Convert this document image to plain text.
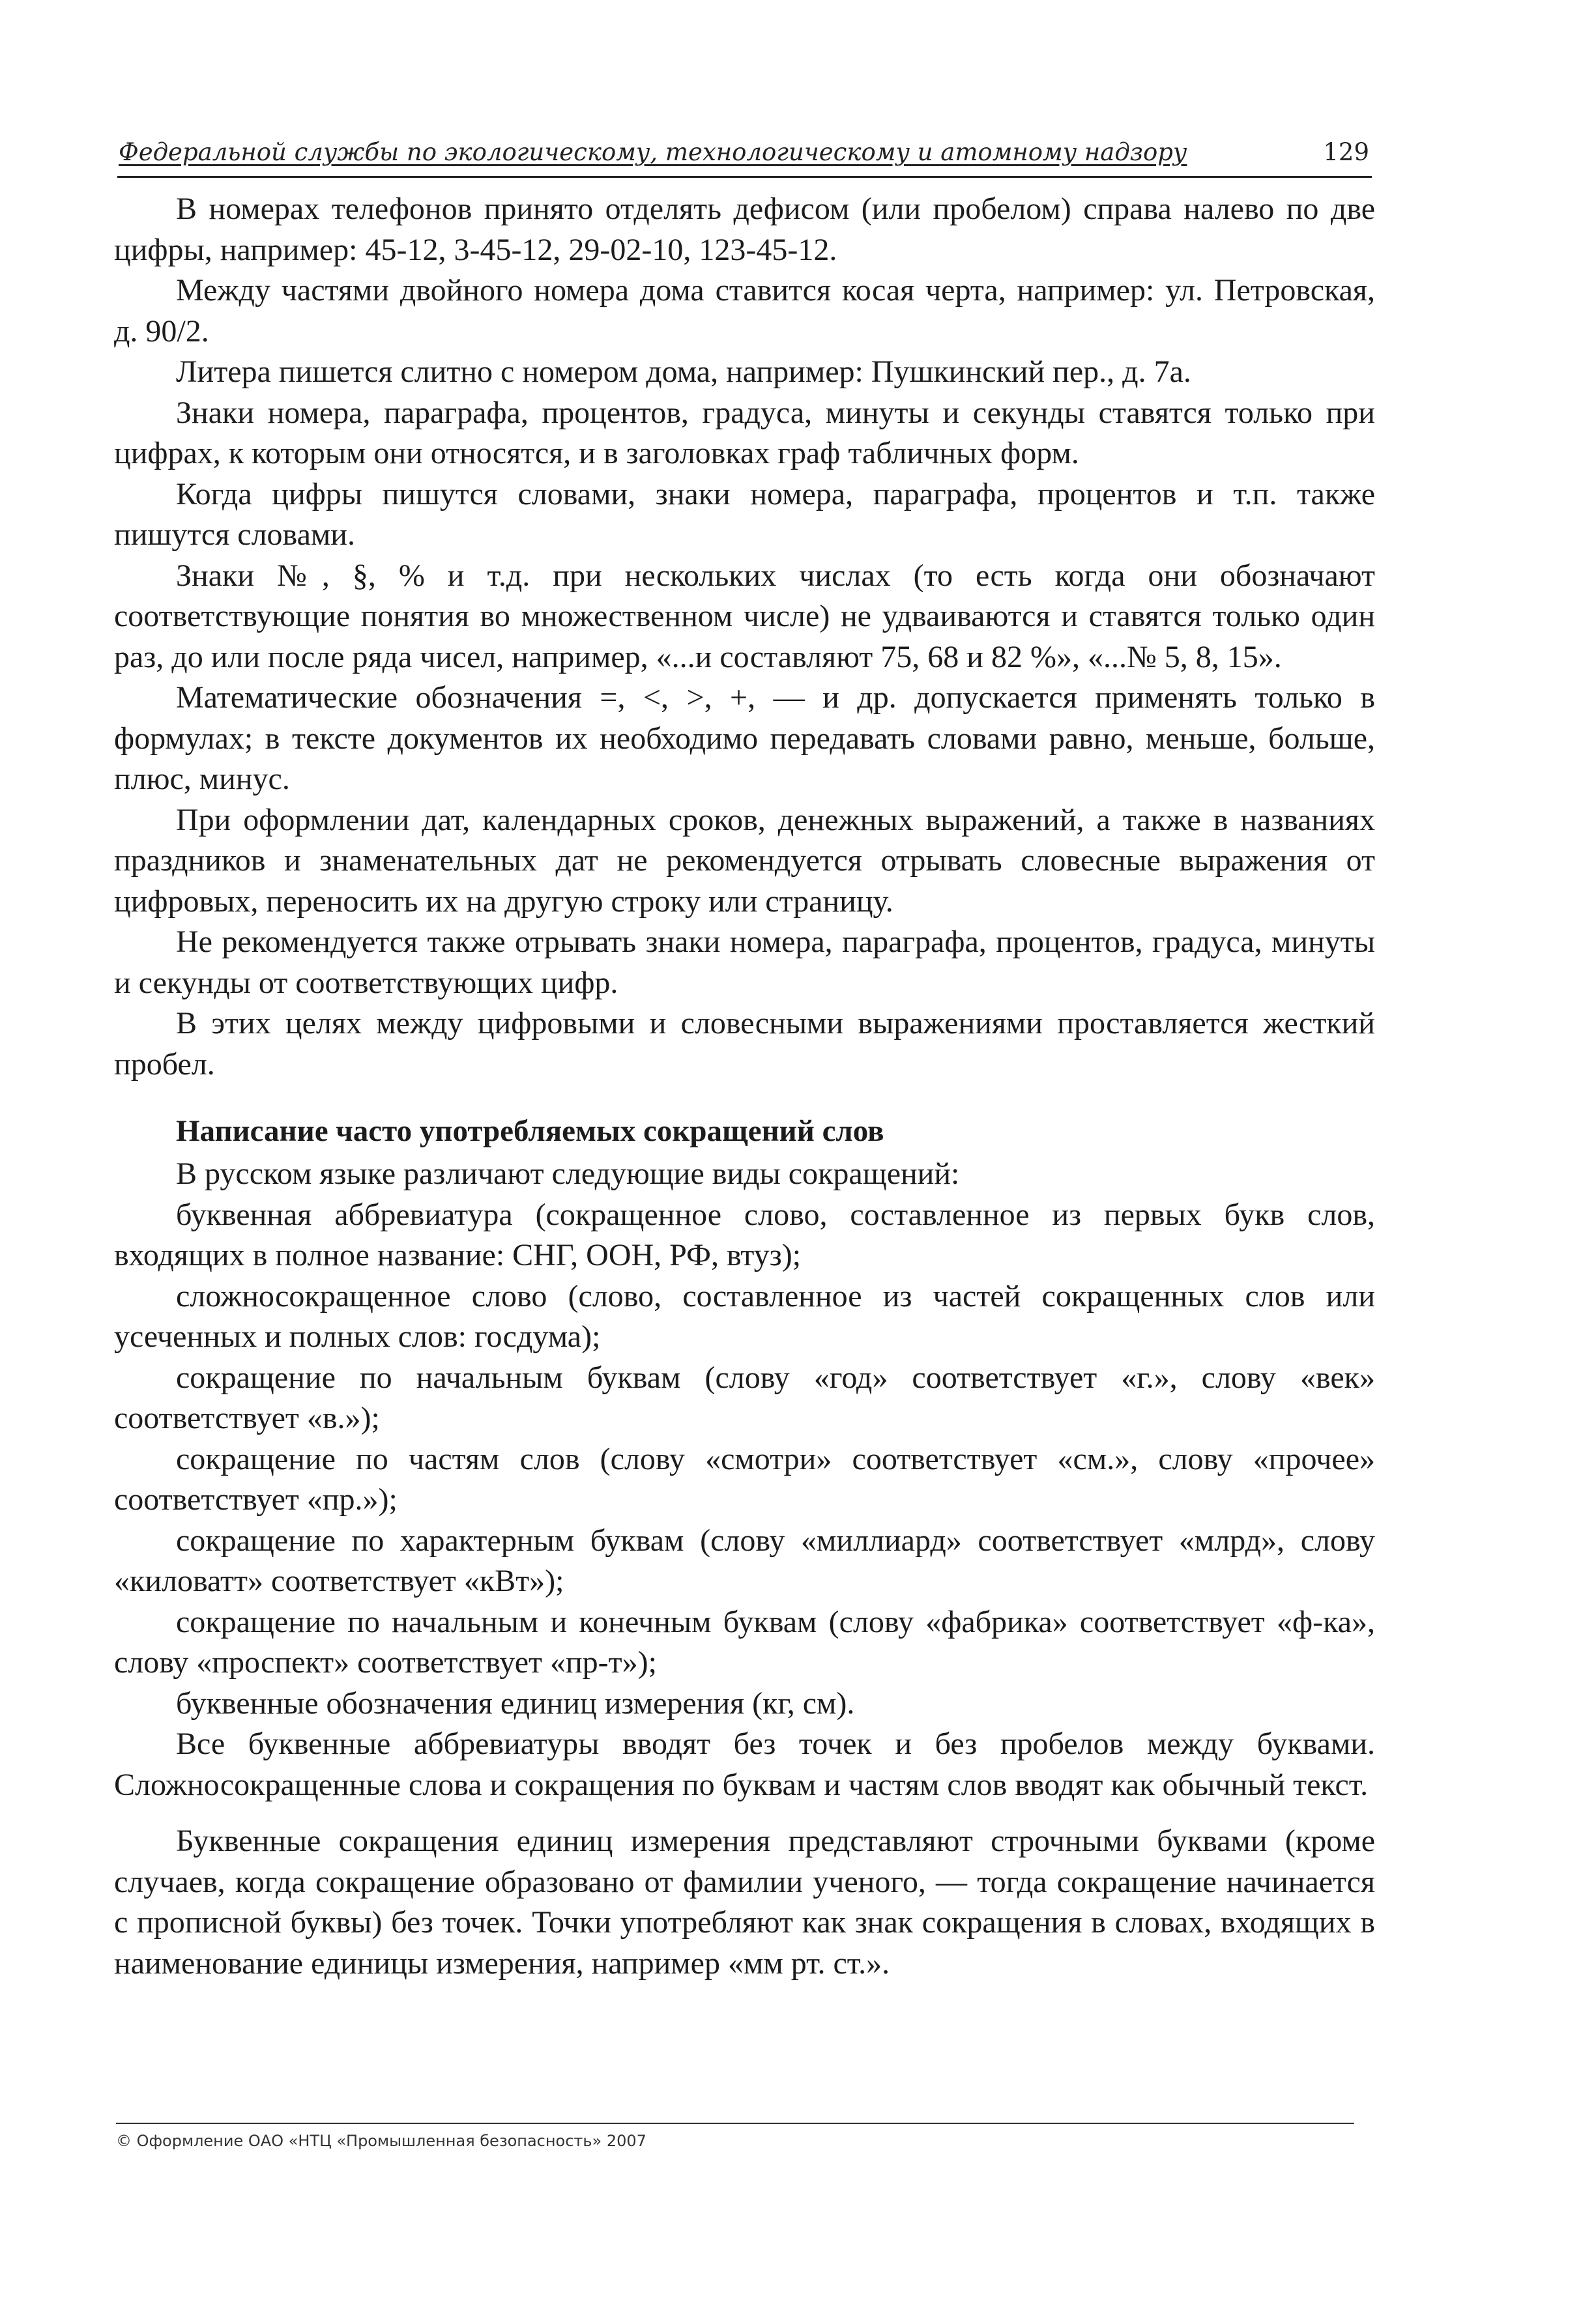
Федеральной службы по экологическому, технологическому и атомному надзору	129

В номерах телефонов принято отделять дефисом (или пробелом) справа налево по две цифры, например: 45-12, 3-45-12, 29-02-10, 123-45-12.

Между частями двойного номера дома ставится косая черта, например: ул. Петровская, д. 90/2.

Литера пишется слитно с номером дома, например: Пушкинский пер., д. 7а.

Знаки номера, параграфа, процентов, градуса, минуты и секунды ставятся только при цифрах, к которым они относятся, и в заголовках граф табличных форм.

Когда цифры пишутся словами, знаки номера, параграфа, процентов и т.п. также пишутся словами.

Знаки №, §, % и т.д. при нескольких числах (то есть когда они обозначают соответствующие понятия во множественном числе) не удваиваются и ставятся только один раз, до или после ряда чисел, например, «...и составляют 75, 68 и 82 %», «...№ 5, 8, 15».

Математические обозначения =, <, >, +, — и др. допускается применять только в формулах; в тексте документов их необходимо передавать словами равно, меньше, больше, плюс, минус.

При оформлении дат, календарных сроков, денежных выражений, а также в названиях праздников и знаменательных дат не рекомендуется отрывать словесные выражения от цифровых, переносить их на другую строку или страницу.

Не рекомендуется также отрывать знаки номера, параграфа, процентов, градуса, минуты и секунды от соответствующих цифр.

В этих целях между цифровыми и словесными выражениями проставляется жесткий пробел.

Написание часто употребляемых сокращений слов

В русском языке различают следующие виды сокращений:

буквенная аббревиатура (сокращенное слово, составленное из первых букв слов, входящих в полное название: СНГ, ООН, РФ, втуз);

сложносокращенное слово (слово, составленное из частей сокращенных слов или усеченных и полных слов: госдума);

сокращение по начальным буквам (слову «год» соответствует «г.», слову «век» соответствует «в.»);

сокращение по частям слов (слову «смотри» соответствует «см.», слову «прочее» соответствует «пр.»);

сокращение по характерным буквам (слову «миллиард» соответствует «млрд», слову «киловатт» соответствует «кВт»);

сокращение по начальным и конечным буквам (слову «фабрика» соответствует «ф-ка», слову «проспект» соответствует «пр-т»);

буквенные обозначения единиц измерения (кг, см).

Все буквенные аббревиатуры вводят без точек и без пробелов между буквами. Сложносокращенные слова и сокращения по буквам и частям слов вводят как обычный текст.

Буквенные сокращения единиц измерения представляют строчными буквами (кроме случаев, когда сокращение образовано от фамилии ученого, — тогда сокращение начинается с прописной буквы) без точек. Точки употребляют как знак сокращения в словах, входящих в наименование единицы измерения, например «мм рт. ст.».

© Оформление ОАО «НТЦ «Промышленная безопасность» 2007
